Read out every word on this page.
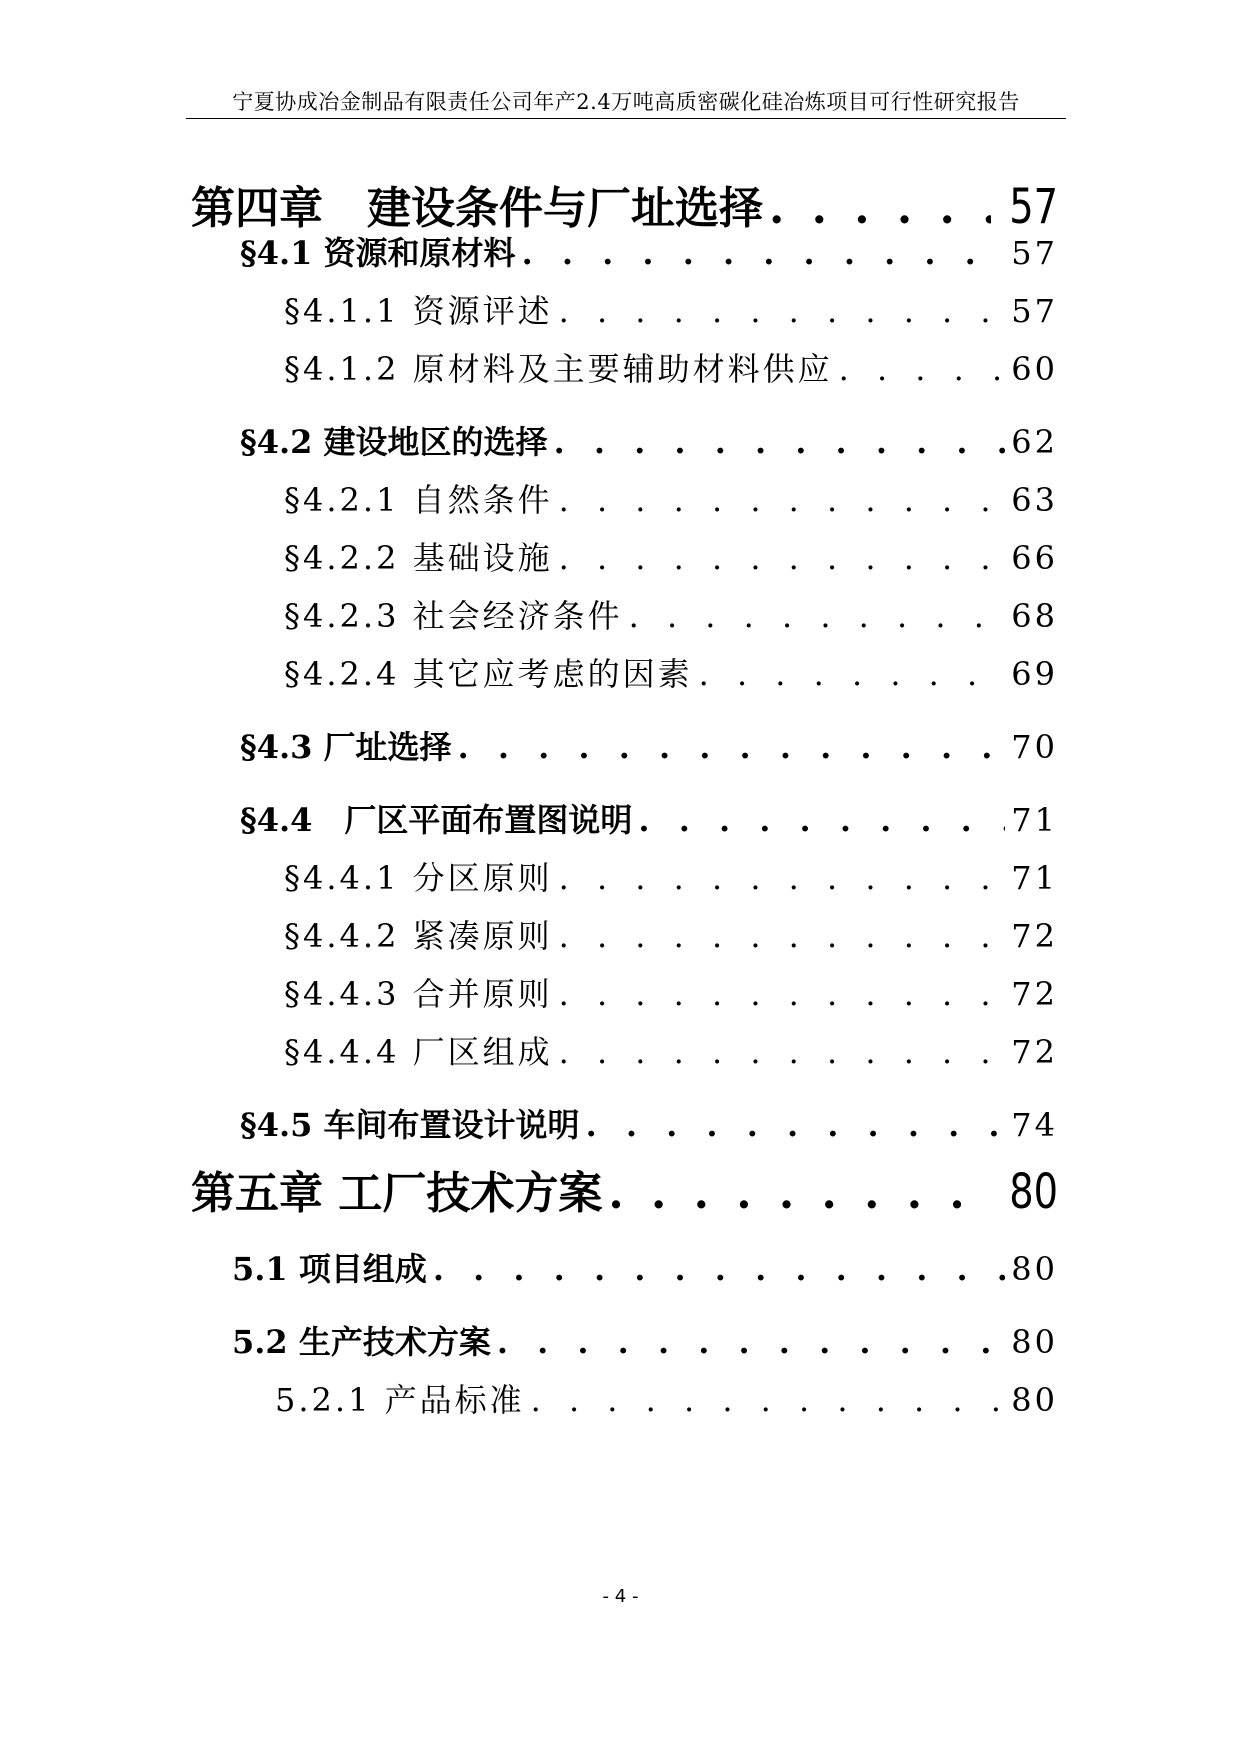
宁夏协成冶金制品有限责任公司年产2.4万吨高质密碳化硅冶炼项目可行性研究报告
第四章　建设条件与厂址选择 . . .	57
§4.1 资源和原材料 . . .	57
§4.1.1 资源评述 . . .	57
§4.1.2 原材料及主要辅助材料供应 . . .	60
§4.2 建设地区的选择 . . .	62
§4.2.1 自然条件 . . .	63
§4.2.2 基础设施 . . .	66
§4.2.3 社会经济条件 . . .	68
§4.2.4 其它应考虑的因素 . . .	69
§4.3 厂址选择 . . .	70
§4.4　厂区平面布置图说明 . . .	71
§4.4.1 分区原则 . . .	71
§4.4.2 紧凑原则 . . .	72
§4.4.3 合并原则 . . .	72
§4.4.4 厂区组成 . . .	72
§4.5 车间布置设计说明 . . .	74
第五章 工厂技术方案 . . .	80
5.1 项目组成 . . .	80
5.2 生产技术方案 . . .	80
5.2.1 产品标准 . . .	80
- 4 -
